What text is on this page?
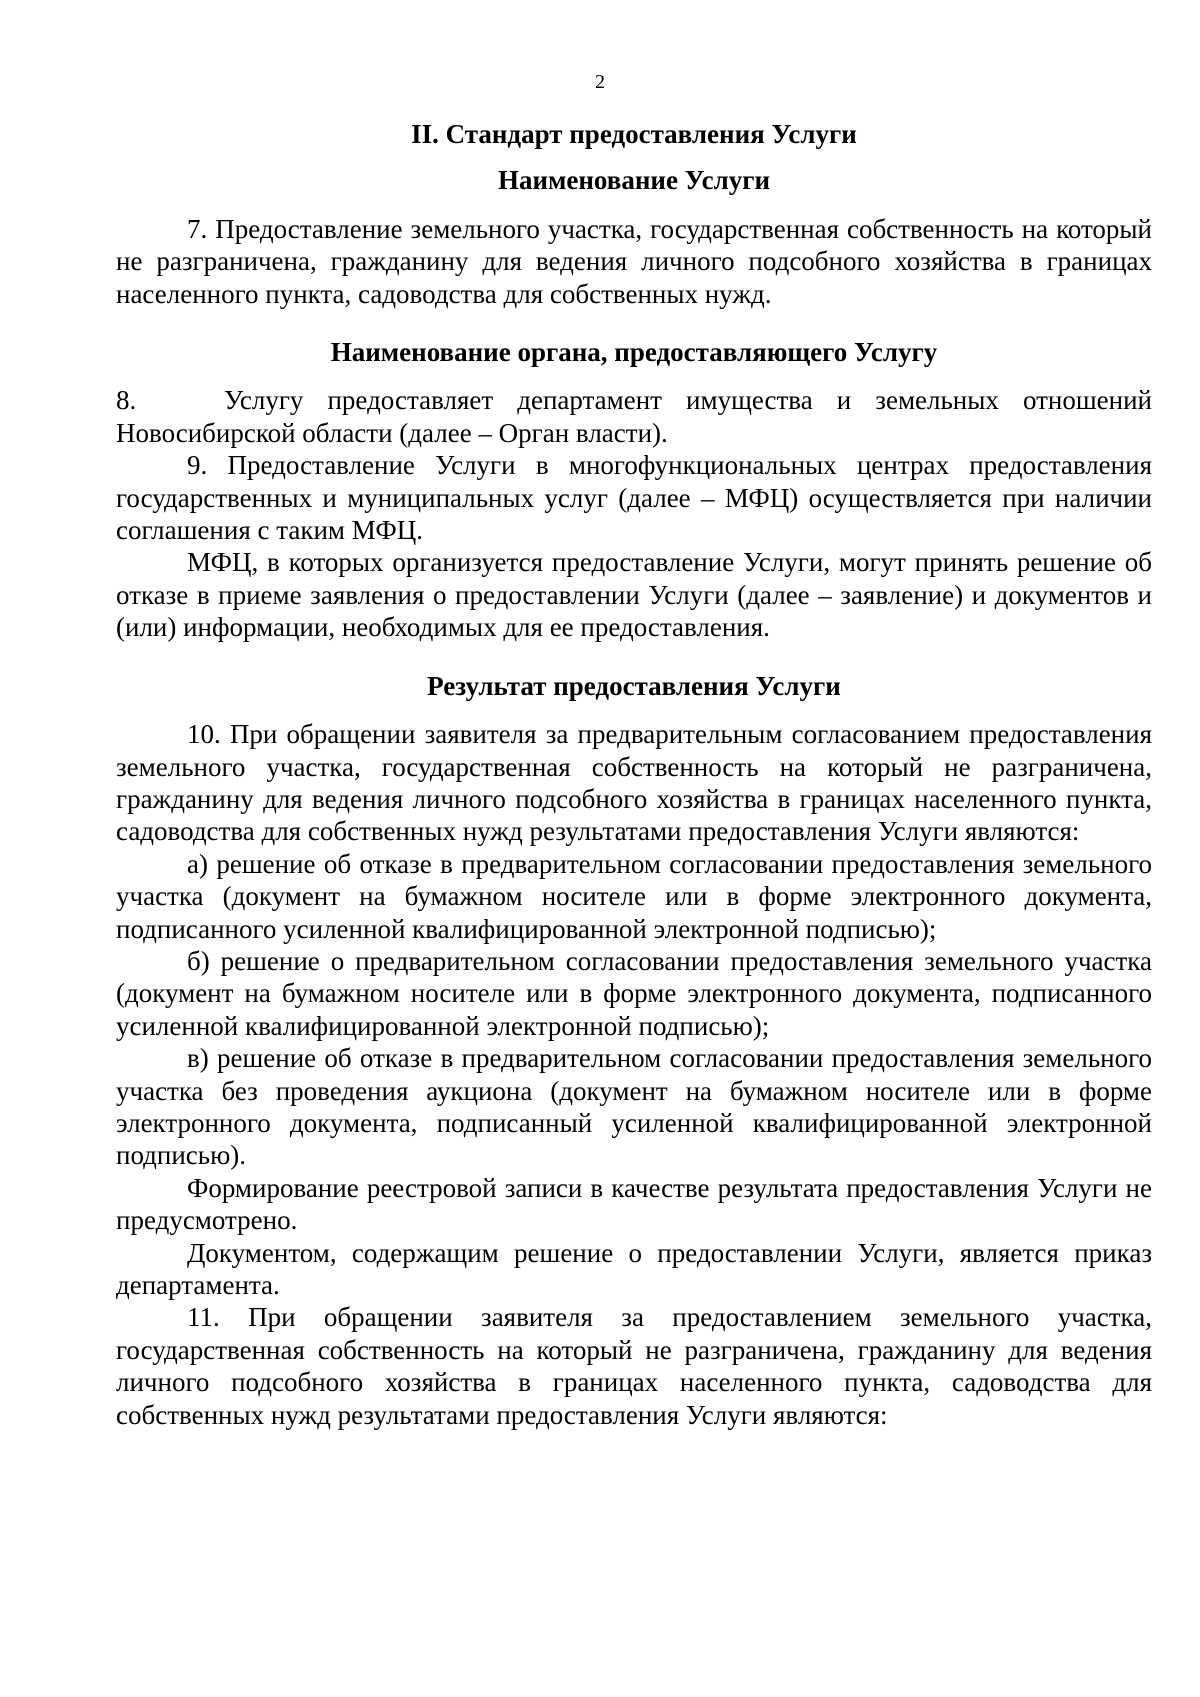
2
II. Стандарт предоставления Услуги
Наименование Услуги

7. Предоставление земельного участка, государственная собственность на который не разграничена, гражданину для ведения личного подсобного хозяйства в границах населенного пункта, садоводства для собственных нужд.

Наименование органа, предоставляющего Услугу

8.	Услугу предоставляет департамент имущества и земельных отношений Новосибирской области (далее – Орган власти).

9. Предоставление Услуги в многофункциональных центрах предоставления государственных и муниципальных услуг (далее – МФЦ) осуществляется при наличии соглашения с таким МФЦ.

МФЦ, в которых организуется предоставление Услуги, могут принять решение об отказе в приеме заявления о предоставлении Услуги (далее – заявление) и документов и (или) информации, необходимых для ее предоставления.

Результат предоставления Услуги

10. При обращении заявителя за предварительным согласованием предоставления земельного участка, государственная собственность на который не разграничена, гражданину для ведения личного подсобного хозяйства в границах населенного пункта, садоводства для собственных нужд результатами предоставления Услуги являются:

а) решение об отказе в предварительном согласовании предоставления земельного участка (документ на бумажном носителе или в форме электронного документа, подписанного усиленной квалифицированной электронной подписью);

б) решение о предварительном согласовании предоставления земельного участка (документ на бумажном носителе или в форме электронного документа, подписанного усиленной квалифицированной электронной подписью);

в) решение об отказе в предварительном согласовании предоставления земельного участка без проведения аукциона (документ на бумажном носителе или в форме электронного документа, подписанный усиленной квалифицированной электронной подписью).

Формирование реестровой записи в качестве результата предоставления Услуги не предусмотрено.

Документом, содержащим решение о предоставлении Услуги, является приказ департамента.

11. При обращении заявителя за предоставлением земельного участка, государственная собственность на который не разграничена, гражданину для ведения личного подсобного хозяйства в границах населенного пункта, садоводства для собственных нужд результатами предоставления Услуги являются:
